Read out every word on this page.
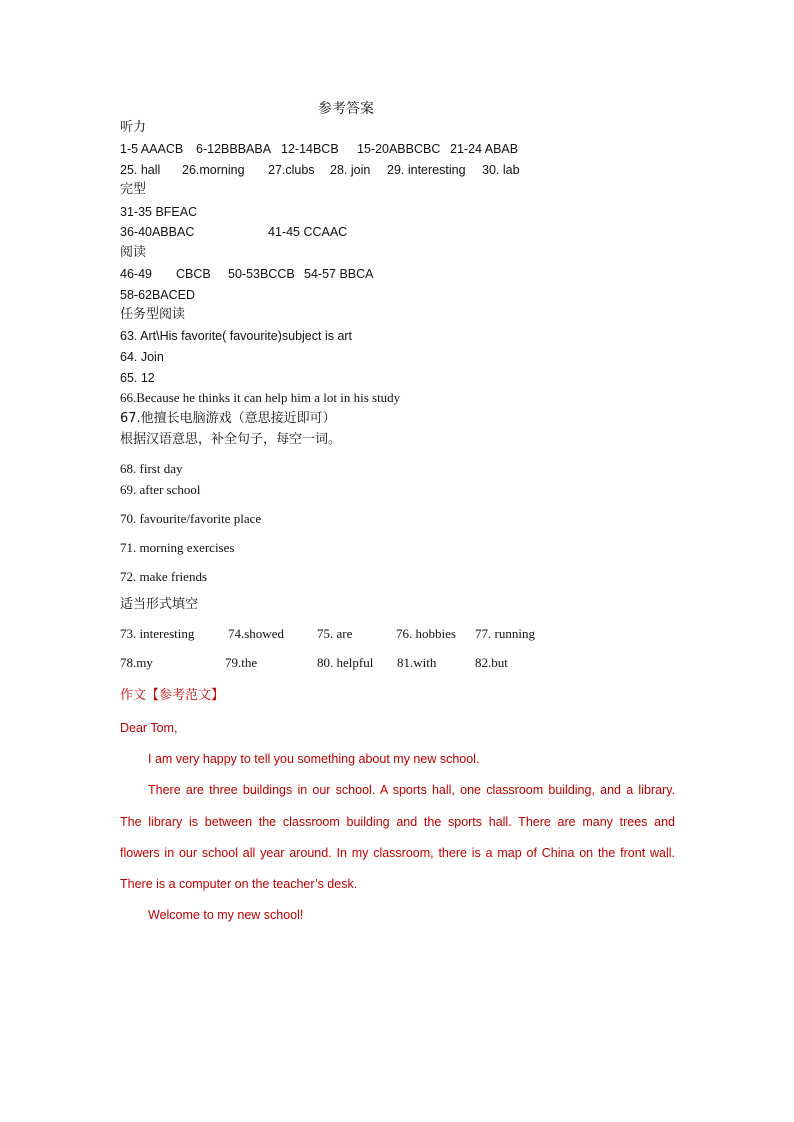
参考答案
听力
1-5 AAACB 6-12BBBABA 12-14BCB 15-20ABBCBC 21-24 ABAB
25. hall 26.morning 27.clubs 28. join 29. interesting 30. lab
完型
31-35 BFEAC
36-40ABBAC	41-45 CCAAC
阅读
46-49 CBCB 50-53BCCB 54-57 BBCA
58-62BACED
任务型阅读
63. Art\His favorite( favourite)subject is art
64. Join
65. 12
66.Because he thinks it can help him a lot in his study
67.他擅长电脑游戏（意思接近即可）
根据汉语意思，补全句子，每空一词。
68. first day
69. after school
70. favourite/favorite place
71. morning exercises
72. make friends
适当形式填空
73. interesting	74.showed	75. are	76. hobbies 77. running
78.my	79.the	80. helpful 81.with	82.but
作文【参考范文】
Dear Tom,
I am very happy to tell you something about my new school.
There are three buildings in our school. A sports hall, one classroom building, and a library.
The library is between the classroom building and the sports hall. There are many trees and
flowers in our school all year around. In my classroom, there is a map of China on the front wall.
There is a computer on the teacher’s desk.
Welcome to my new school!
